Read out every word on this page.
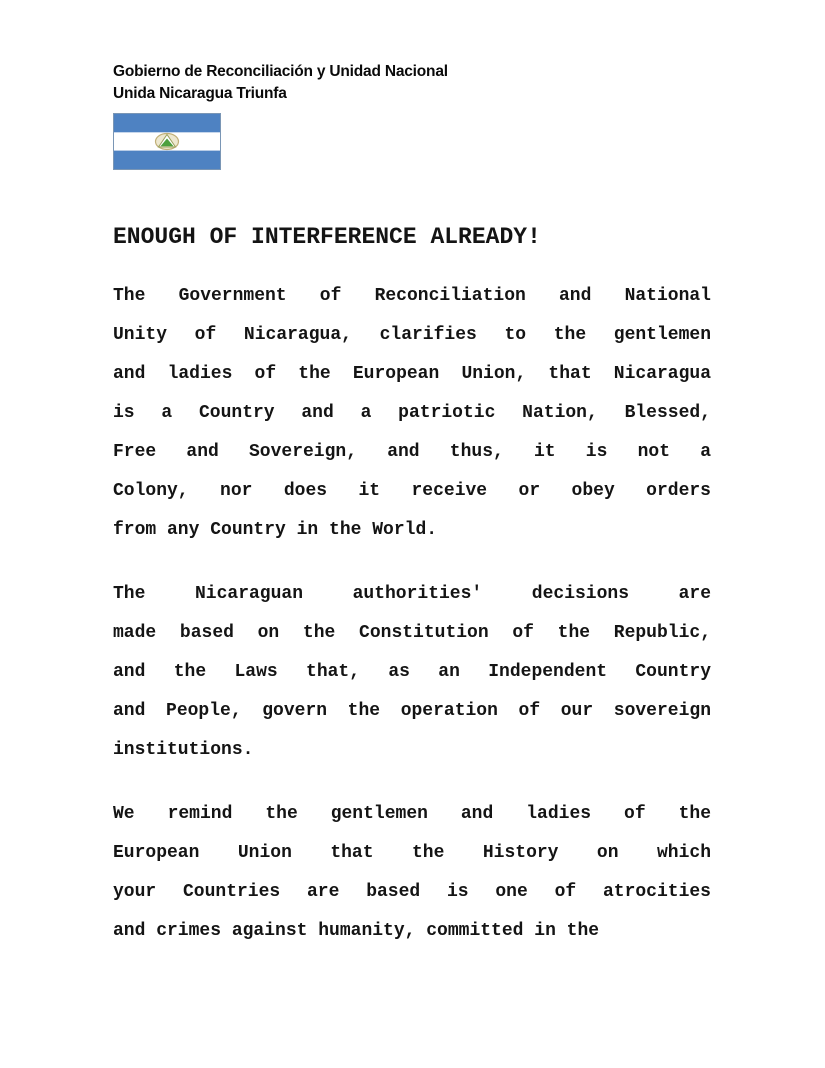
Gobierno de Reconciliación y Unidad Nacional
Unida Nicaragua Triunfa
ENOUGH OF INTERFERENCE ALREADY!
The Government of Reconciliation and National
Unity of Nicaragua, clarifies to the gentlemen
and ladies of the European Union, that Nicaragua
is a Country and a patriotic Nation, Blessed,
Free and Sovereign, and thus, it is not a
Colony, nor does it receive or obey orders
from any Country in the World.
The Nicaraguan authorities' decisions are
made based on the Constitution of the Republic,
and the Laws that, as an Independent Country
and People, govern the operation of our sovereign
institutions.
We remind the gentlemen and ladies of the
European Union that the History on which
your Countries are based is one of atrocities
and crimes against humanity, committed in the
